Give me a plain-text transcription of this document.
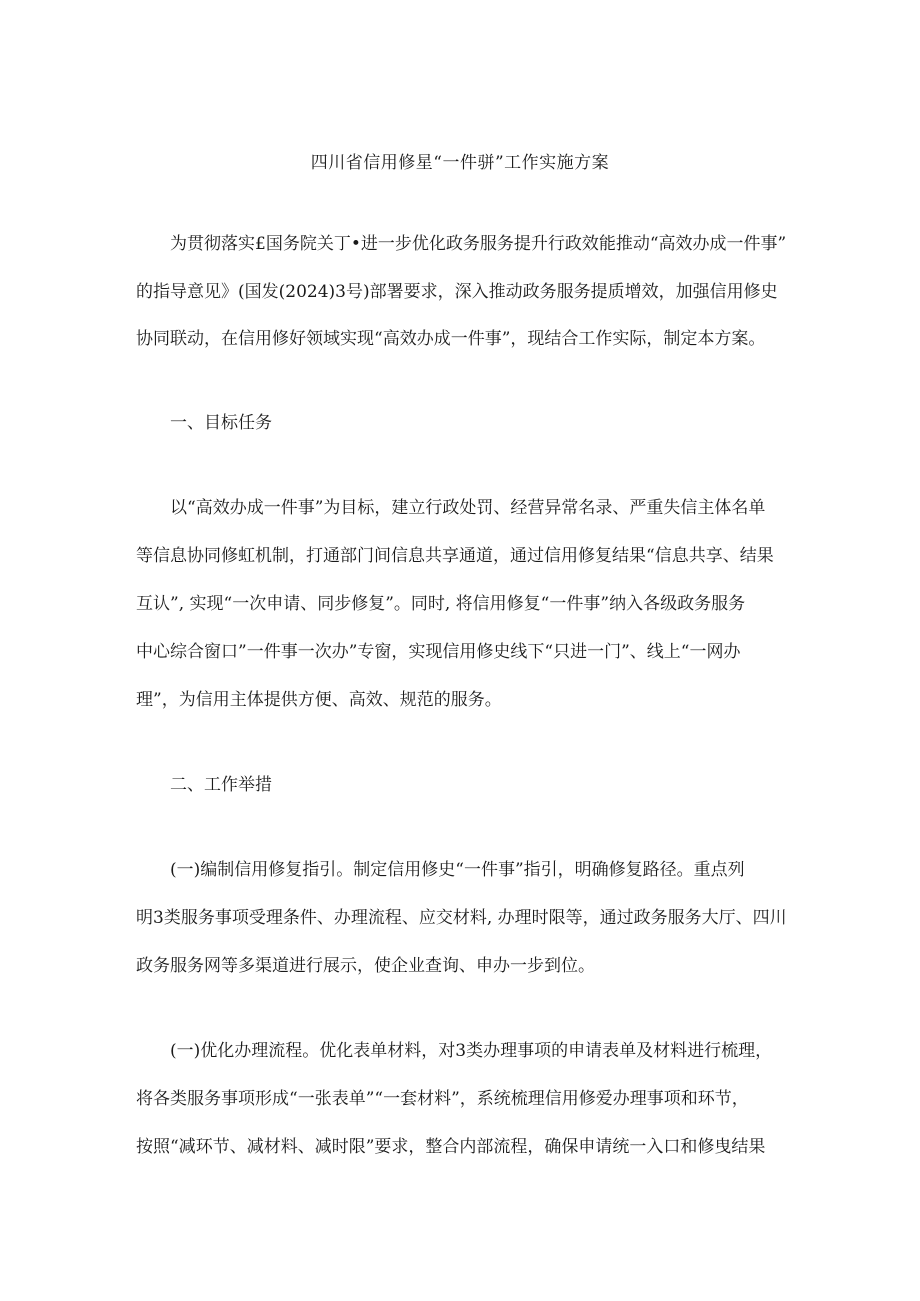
四川省信用修星“一件骈”工作实施方案
为贯彻落实£国务院关丁•进一步优化政务服务提升行政效能推动“高效办成一件事”
的指导意见》(国发(2024)3号)部署要求，深入推动政务服务提质增效，加强信用修史
协同联动，在信用修好领域实现“高效办成一件事”，现结合工作实际，制定本方案。
一、目标任务
以“高效办成一件事”为目标，建立行政处罚、经营异常名录、严重失信主体名单
等信息协同修虹机制，打通部门间信息共享通道，通过信用修复结果“信息共享、结果
互认”, 实现“一次申请、同步修复”。同时, 将信用修复“一件事”纳入各级政务服务
中心综合窗口”一件事一次办”专窗，实现信用修史线下“只进一门”、线上“一网办
理”，为信用主体提供方便、高效、规范的服务。
二、工作举措
(一)编制信用修复指引。制定信用修史“一件事”指引，明确修复路径。重点列
明3类服务事项受理条件、办理流程、应交材料, 办理时限等，通过政务服务大厅、四川
政务服务网等多渠道进行展示，使企业查询、申办一步到位。
(一)优化办理流程。优化表单材料，对3类办理事项的申请表单及材料进行梳理，
将各类服务事项形成“一张表单”“一套材料”，系统梳理信用修爱办理事项和环节，
按照“减环节、减材料、减时限”要求，整合内部流程，确保申请统一入口和修曳结果
